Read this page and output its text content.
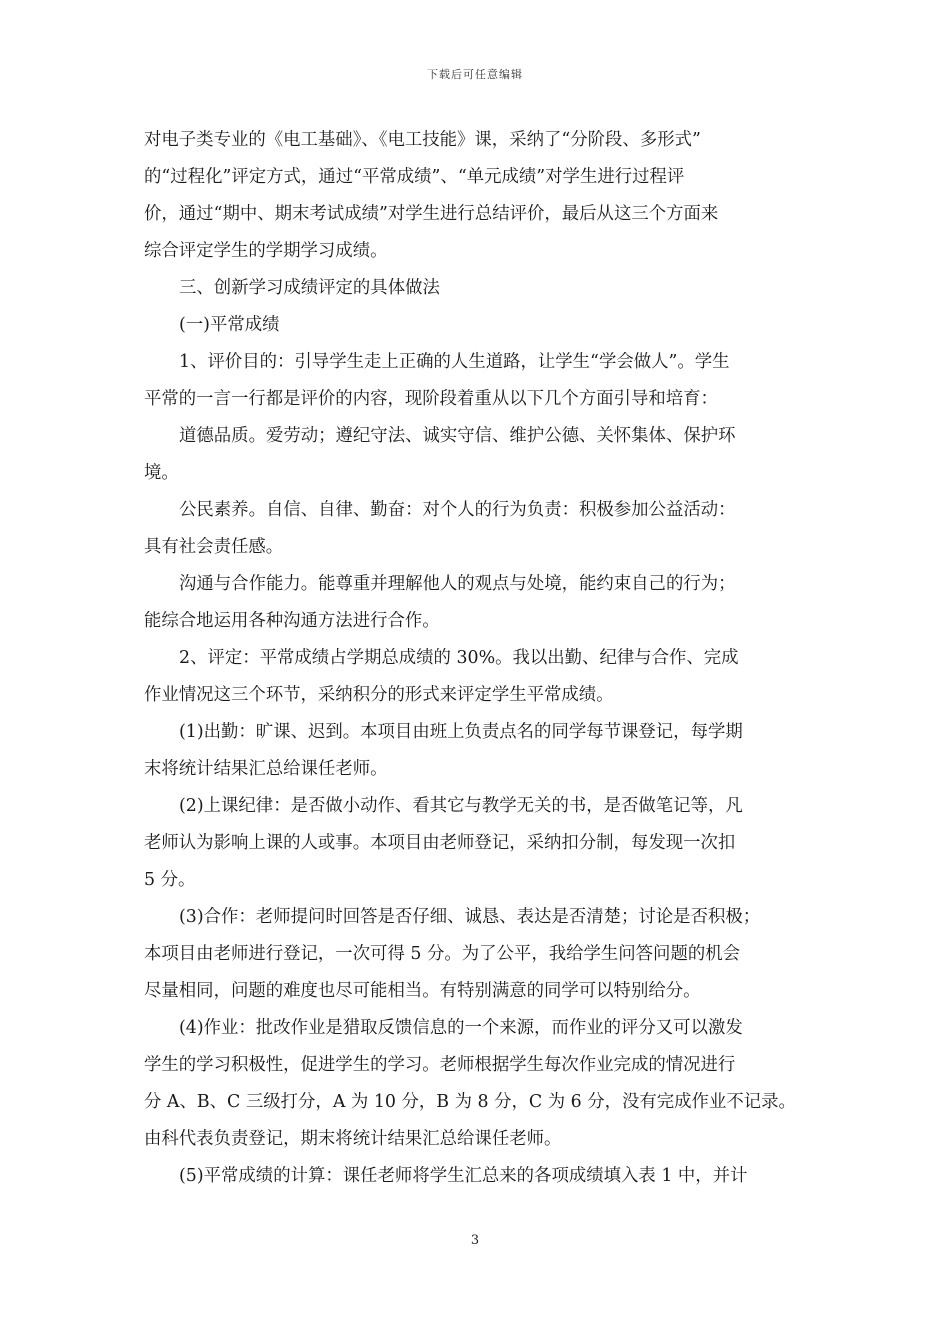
下载后可任意编辑
对电子类专业的《电工基础》、《电工技能》课，采纳了“分阶段、多形式”
的“过程化”评定方式，通过“平常成绩”、“单元成绩”对学生进行过程评
价，通过“期中、期末考试成绩”对学生进行总结评价，最后从这三个方面来
综合评定学生的学期学习成绩。
三、创新学习成绩评定的具体做法
(一)平常成绩
1、评价目的：引导学生走上正确的人生道路，让学生“学会做人”。学生
平常的一言一行都是评价的内容，现阶段着重从以下几个方面引导和培育：
道德品质。爱劳动；遵纪守法、诚实守信、维护公德、关怀集体、保护环
境。
公民素养。自信、自律、勤奋：对个人的行为负责：积极参加公益活动：
具有社会责任感。
沟通与合作能力。能尊重并理解他人的观点与处境，能约束自己的行为；
能综合地运用各种沟通方法进行合作。
2、评定：平常成绩占学期总成绩的 30%。我以出勤、纪律与合作、完成
作业情况这三个环节，采纳积分的形式来评定学生平常成绩。
(1)出勤：旷课、迟到。本项目由班上负责点名的同学每节课登记，每学期
末将统计结果汇总给课任老师。
(2)上课纪律：是否做小动作、看其它与教学无关的书，是否做笔记等，凡
老师认为影响上课的人或事。本项目由老师登记，采纳扣分制，每发现一次扣
5 分。
(3)合作：老师提问时回答是否仔细、诚恳、表达是否清楚；讨论是否积极；
本项目由老师进行登记，一次可得 5 分。为了公平，我给学生问答问题的机会
尽量相同，问题的难度也尽可能相当。有特别满意的同学可以特别给分。
(4)作业：批改作业是猎取反馈信息的一个来源，而作业的评分又可以激发
学生的学习积极性，促进学生的学习。老师根据学生每次作业完成的情况进行
分 A、B、C 三级打分，A 为 10 分，B 为 8 分，C 为 6 分，没有完成作业不记录。
由科代表负责登记，期末将统计结果汇总给课任老师。
(5)平常成绩的计算：课任老师将学生汇总来的各项成绩填入表 1 中，并计
3
